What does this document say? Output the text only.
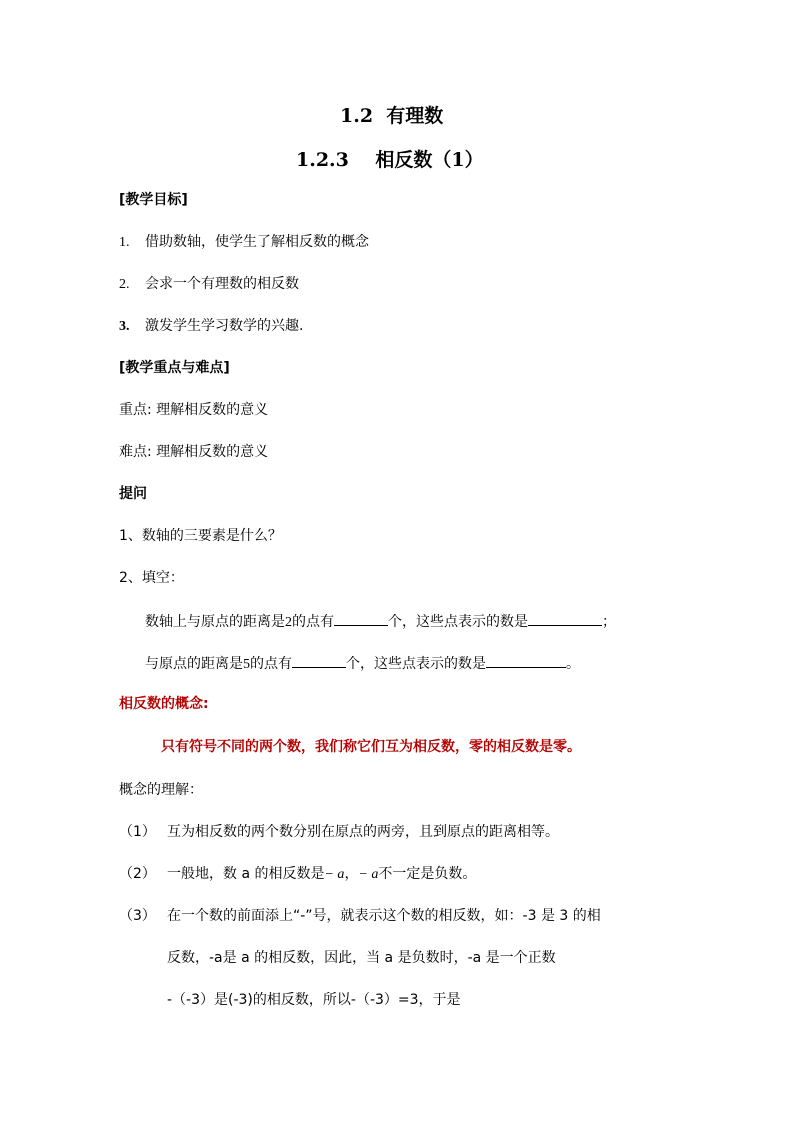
1.2 有理数
1.2.3 相反数（1）
[教学目标]
1. 借助数轴，使学生了解相反数的概念
2. 会求一个有理数的相反数
3. 激发学生学习数学的兴趣.
[教学重点与难点]
重点: 理解相反数的意义
难点: 理解相反数的意义
提问
1、数轴的三要素是什么？
2、填空：
数轴上与原点的距离是2的点有	个，这些点表示的数是	；
与原点的距离是5的点有	个，这些点表示的数是	。
相反数的概念:
只有符号不同的两个数，我们称它们互为相反数，零的相反数是零。
概念的理解：
（1） 互为相反数的两个数分别在原点的两旁，且到原点的距离相等。
（2） 一般地，数 a 的相反数是− a，− a不一定是负数。
（3） 在一个数的前面添上“-”号，就表示这个数的相反数，如：-3 是 3 的相
反数，-a是 a 的相反数，因此，当 a 是负数时，-a 是一个正数
-（-3）是(-3)的相反数，所以-（-3）=3，于是
